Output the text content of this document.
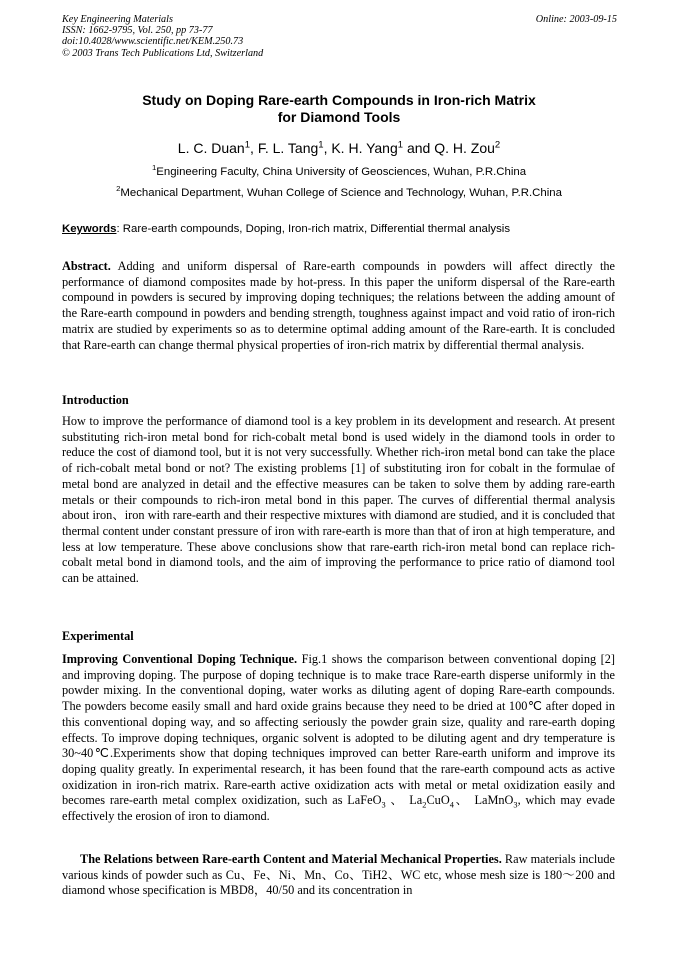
Key Engineering Materials
ISSN: 1662-9795, Vol. 250, pp 73-77
doi:10.4028/www.scientific.net/KEM.250.73
© 2003 Trans Tech Publications Ltd, Switzerland
Online: 2003-09-15
Study on Doping Rare-earth Compounds in Iron-rich Matrix
for Diamond Tools
L. C. Duan$^1$, F. L. Tang$^1$, K. H. Yang$^1$ and Q. H. Zou$^2$
$^1$Engineering Faculty, China University of Geosciences, Wuhan, P.R.China
$^2$Mechanical Department, Wuhan College of Science and Technology, Wuhan, P.R.China
Keywords: Rare-earth compounds, Doping, Iron-rich matrix, Differential thermal analysis
Abstract. Adding and uniform dispersal of Rare-earth compounds in powders will affect directly the performance of diamond composites made by hot-press. In this paper the uniform dispersal of the Rare-earth compound in powders is secured by improving doping techniques; the relations between the adding amount of the Rare-earth compound in powders and bending strength, toughness against impact and void ratio of iron-rich matrix are studied by experiments so as to determine optimal adding amount of the Rare-earth. It is concluded that Rare-earth can change thermal physical properties of iron-rich matrix by differential thermal analysis.
Introduction
How to improve the performance of diamond tool is a key problem in its development and research. At present substituting rich-iron metal bond for rich-cobalt metal bond is used widely in the diamond tools in order to reduce the cost of diamond tool, but it is not very successfully. Whether rich-iron metal bond can take the place of rich-cobalt metal bond or not? The existing problems [1] of substituting iron for cobalt in the formulae of metal bond are analyzed in detail and the effective measures can be taken to solve them by adding rare-earth metals or their compounds to rich-iron metal bond in this paper. The curves of differential thermal analysis about iron、iron with rare-earth and their respective mixtures with diamond are studied, and it is concluded that thermal content under constant pressure of iron with rare-earth is more than that of iron at high temperature, and less at low temperature. These above conclusions show that rare-earth rich-iron metal bond can replace rich-cobalt metal bond in diamond tools, and the aim of improving the performance to price ratio of diamond tool can be attained.
Experimental
Improving Conventional Doping Technique. Fig.1 shows the comparison between conventional doping [2] and improving doping. The purpose of doping technique is to make trace Rare-earth disperse uniformly in the powder mixing. In the conventional doping, water works as diluting agent of doping Rare-earth compounds. The powders become easily small and hard oxide grains because they need to be dried at 100℃ after doped in this conventional doping way, and so affecting seriously the powder grain size, quality and rare-earth doping effects. To improve doping techniques, organic solvent is adopted to be diluting agent and dry temperature is 30~40℃.Experiments show that doping techniques improved can better Rare-earth uniform and improve its doping quality greatly. In experimental research, it has been found that the rare-earth compound acts as active oxidization in iron-rich matrix. Rare-earth active oxidization acts with metal or metal oxidization easily and becomes rare-earth metal complex oxidization, such as LaFeO$_3$ 、 $La_2CuO_4$、 LaMnO$_3$, which may evade effectively the erosion of iron to diamond.
The Relations between Rare-earth Content and Material Mechanical Properties. Raw materials include various kinds of powder such as Cu、Fe、Ni、Mn、Co、TiH2、WC etc, whose mesh size is 180～200 and diamond whose specification is MBD8，40/50 and its concentration in
